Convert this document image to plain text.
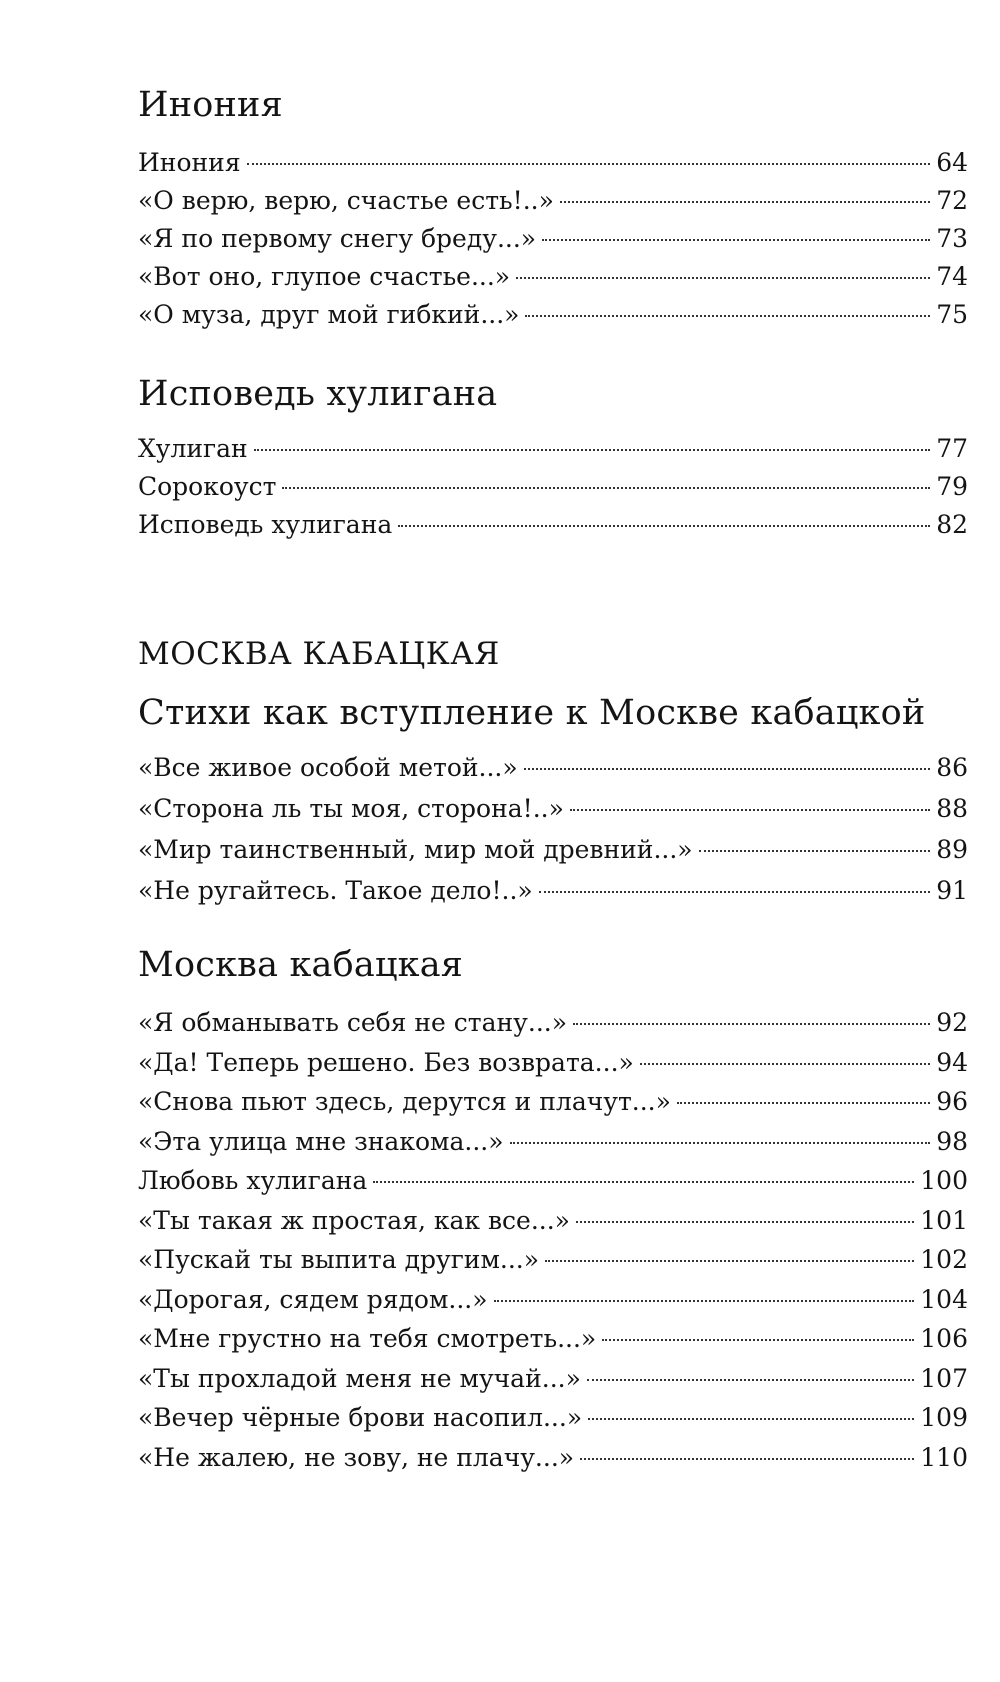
Инония
Инония	64
«О верю, верю, счастье есть!..»	72
«Я по первому снегу бреду...»	73
«Вот оно, глупое счастье...»	74
«О муза, друг мой гибкий...»	75
Исповедь хулигана
Хулиган	77
Сорокоуст	79
Исповедь хулигана	82
МОСКВА КАБАЦКАЯ
Стихи как вступление к Москве кабацкой
«Все живое особой метой...»	86
«Сторона ль ты моя, сторона!..»	88
«Мир таинственный, мир мой древний...»	89
«Не ругайтесь. Такое дело!..»	91
Москва кабацкая
«Я обманывать себя не стану...»	92
«Да! Теперь решено. Без возврата...»	94
«Снова пьют здесь, дерутся и плачут...»	96
«Эта улица мне знакома...»	98
Любовь хулигана	100
«Ты такая ж простая, как все...»	101
«Пускай ты выпита другим...»	102
«Дорогая, сядем рядом...»	104
«Мне грустно на тебя смотреть...»	106
«Ты прохладой меня не мучай...»	107
«Вечер чёрные брови насопил...»	109
«Не жалею, не зову, не плачу...»	110
